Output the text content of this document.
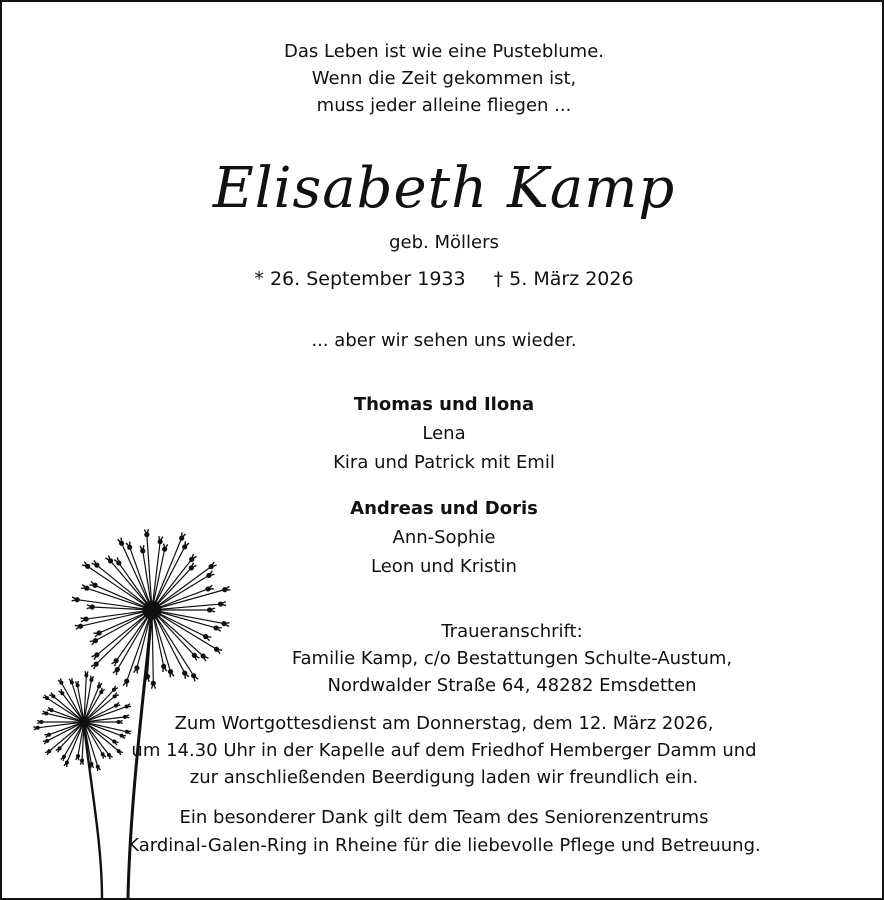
Das Leben ist wie eine Pusteblume.
Wenn die Zeit gekommen ist,
muss jeder alleine fliegen ...
Elisabeth Kamp
geb. Möllers
* 26. September 1933 † 5. März 2026
... aber wir sehen uns wieder.
Thomas und Ilona
Lena
Kira und Patrick mit Emil
Andreas und Doris
Ann-Sophie
Leon und Kristin
Traueranschrift:
Familie Kamp, c/o Bestattungen Schulte-Austum,
Nordwalder Straße 64, 48282 Emsdetten
Zum Wortgottesdienst am Donnerstag, dem 12. März 2026,
um 14.30 Uhr in der Kapelle auf dem Friedhof Hemberger Damm und
zur anschließenden Beerdigung laden wir freundlich ein.
Ein besonderer Dank gilt dem Team des Seniorenzentrums
Kardinal-Galen-Ring in Rheine für die liebevolle Pflege und Betreuung.
